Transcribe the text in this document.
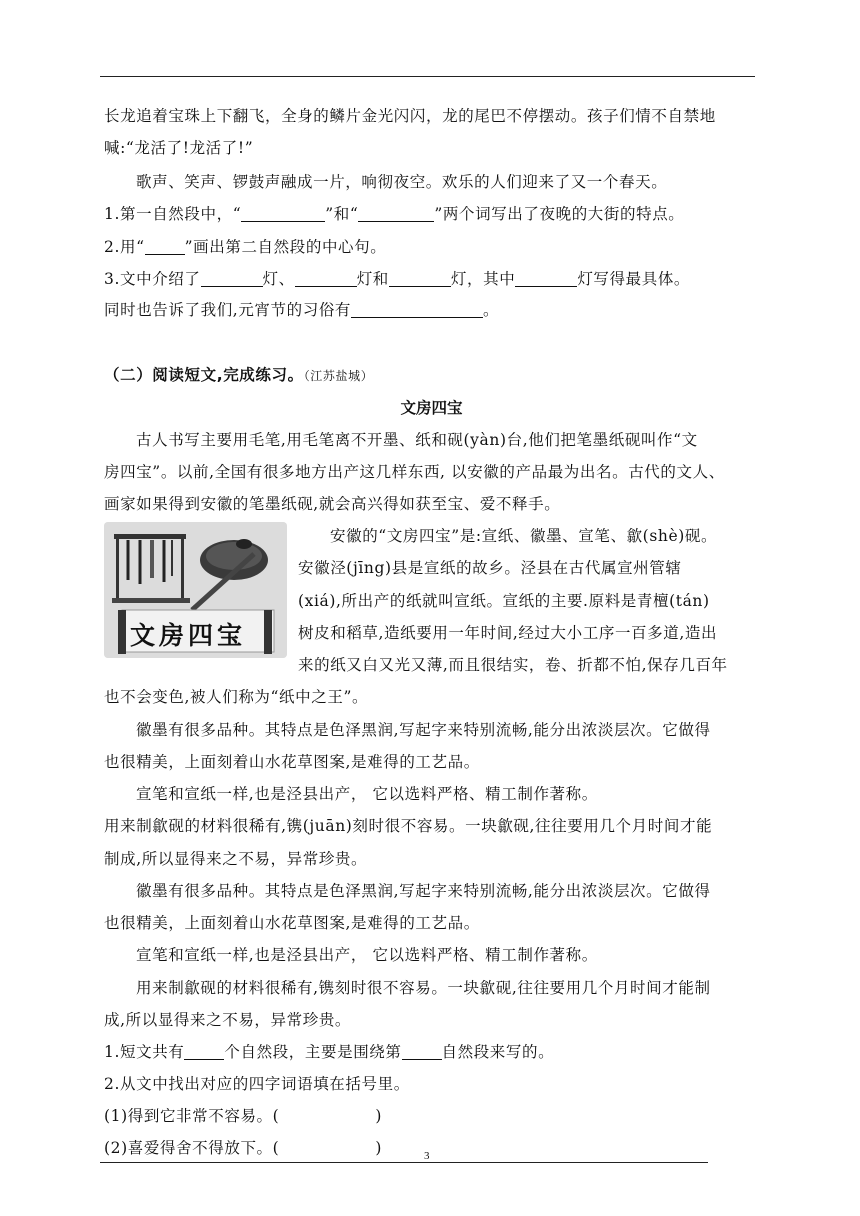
长龙追着宝珠上下翻飞，全身的鳞片金光闪闪，龙的尾巴不停摆动。孩子们情不自禁地
喊:“龙活了!龙活了!”
歌声、笑声、锣鼓声融成一片，响彻夜空。欢乐的人们迎来了又一个春天。
1.第一自然段中，“	”和“	”两个词写出了夜晚的大街的特点。
2.用“	”画出第二自然段的中心句。
3.文中介绍了	灯、	灯和	灯，其中	灯写得最具体。
同时也告诉了我们,元宵节的习俗有	。
（二）阅读短文,完成练习。（江苏盐城）
文房四宝
古人书写主要用毛笔,用毛笔离不开墨、纸和砚(yàn)台,他们把笔墨纸砚叫作“文
房四宝”。以前,全国有很多地方出产这几样东西, 以安徽的产品最为出名。古代的文人、
画家如果得到安徽的笔墨纸砚,就会高兴得如获至宝、爱不释手。
文房四宝
安徽的“文房四宝”是:宣纸、徽墨、宣笔、歙(shè)砚。
安徽泾(jīng)县是宣纸的故乡。泾县在古代属宣州管辖
(xiá),所出产的纸就叫宣纸。宣纸的主要.原料是青檀(tán)
树皮和稻草,造纸要用一年时间,经过大小工序一百多道,造出
来的纸又白又光又薄,而且很结实，卷、折都不怕,保存几百年
也不会变色,被人们称为“纸中之王”。
徽墨有很多品种。其特点是色泽黑润,写起字来特别流畅,能分出浓淡层次。它做得
也很精美，上面刻着山水花草图案,是难得的工艺品。
宣笔和宣纸一样,也是泾县出产， 它以选料严格、精工制作著称。
用来制歙砚的材料很稀有,镌(juān)刻时很不容易。一块歙砚,往往要用几个月时间才能
制成,所以显得来之不易，异常珍贵。
徽墨有很多品种。其特点是色泽黑润,写起字来特别流畅,能分出浓淡层次。它做得
也很精美，上面刻着山水花草图案,是难得的工艺品。
宣笔和宣纸一样,也是泾县出产， 它以选料严格、精工制作著称。
用来制歙砚的材料很稀有,镌刻时很不容易。一块歙砚,往往要用几个月时间才能制
成,所以显得来之不易，异常珍贵。
1.短文共有	个自然段，主要是围绕第	自然段来写的。
2.从文中找出对应的四字词语填在括号里。
(1)得到它非常不容易。(	)
(2)喜爱得舍不得放下。(	)	3
